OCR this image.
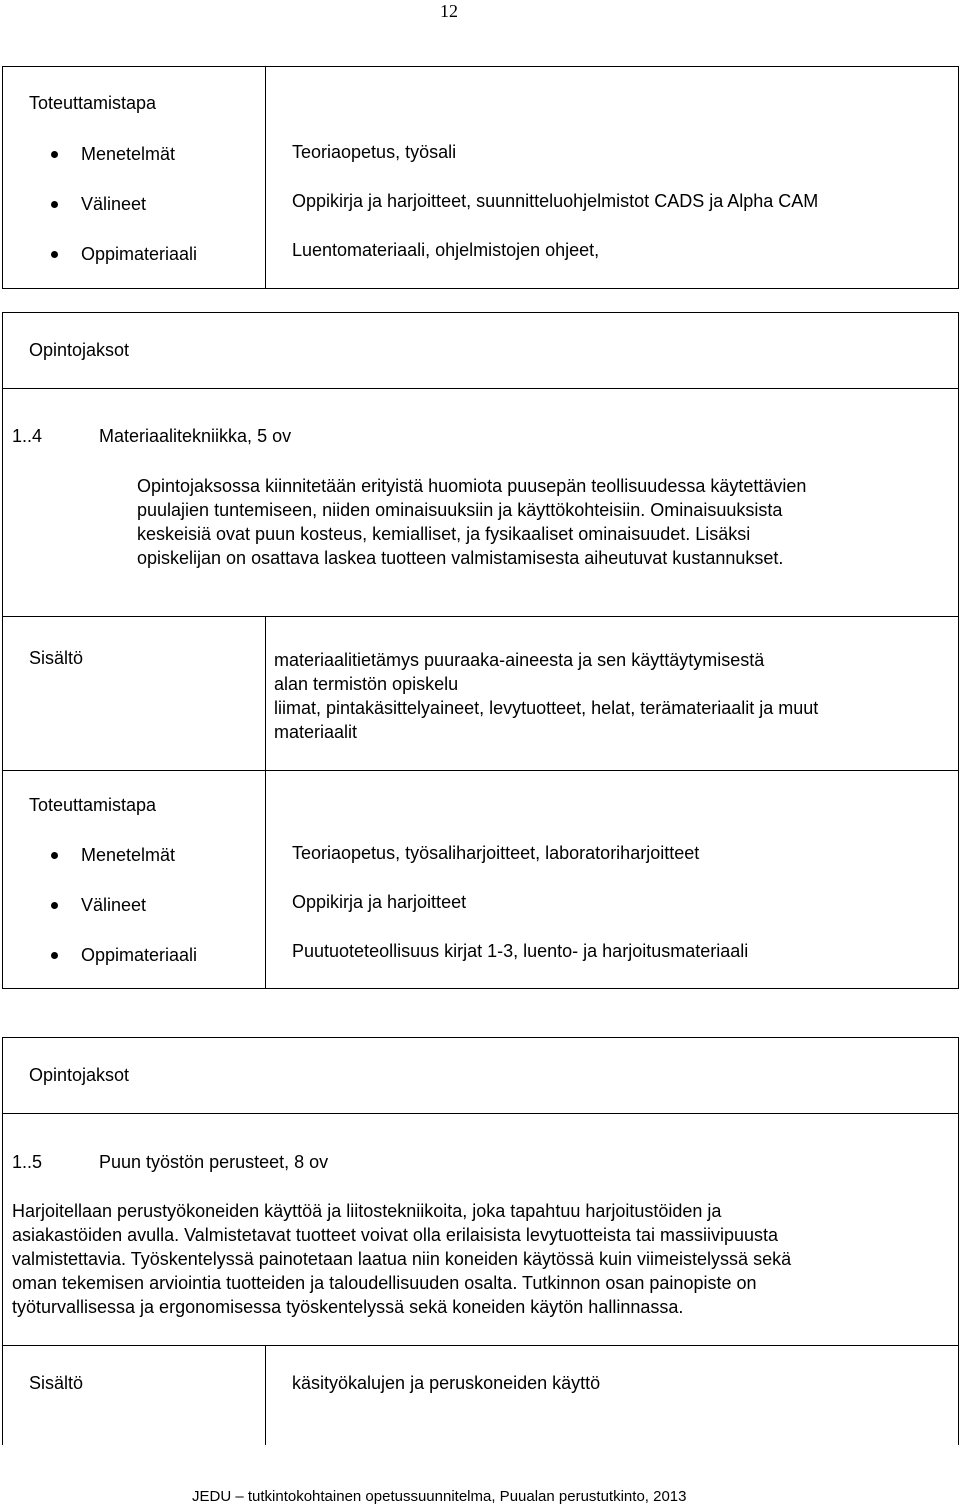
12
Toteuttamistapa
Menetelmät	Teoriaopetus, työsali
Välineet	Oppikirja ja harjoitteet, suunnitteluohjelmistot CADS ja Alpha CAM
Oppimateriaali	Luentomateriaali, ohjelmistojen ohjeet,
Opintojaksot
1..4	Materiaalitekniikka, 5 ov
Opintojaksossa kiinnitetään erityistä huomiota puusepän teollisuudessa käytettävien
puulajien tuntemiseen, niiden ominaisuuksiin ja käyttökohteisiin. Ominaisuuksista
keskeisiä ovat puun kosteus, kemialliset, ja fysikaaliset ominaisuudet. Lisäksi
opiskelijan on osattava laskea tuotteen valmistamisesta aiheutuvat kustannukset.
Sisältö	materiaalitietämys puuraaka-aineesta ja sen käyttäytymisestä
alan termistön opiskelu
liimat, pintakäsittelyaineet, levytuotteet, helat, terämateriaalit ja muut
materiaalit
Toteuttamistapa
Menetelmät	Teoriaopetus, työsaliharjoitteet, laboratoriharjoitteet
Välineet	Oppikirja ja harjoitteet
Oppimateriaali	Puutuoteteollisuus kirjat 1-3, luento- ja harjoitusmateriaali
Opintojaksot
1..5	Puun työstön perusteet, 8 ov
Harjoitellaan perustyökoneiden käyttöä ja liitostekniikoita, joka tapahtuu harjoitustöiden ja
asiakastöiden avulla. Valmistetavat tuotteet voivat olla erilaisista levytuotteista tai massiivipuusta
valmistettavia. Työskentelyssä painotetaan laatua niin koneiden käytössä kuin viimeistelyssä sekä
oman tekemisen arviointia tuotteiden ja taloudellisuuden osalta. Tutkinnon osan painopiste on
työturvallisessa ja ergonomisessa työskentelyssä sekä koneiden käytön hallinnassa.
Sisältö	käsityökalujen ja peruskoneiden käyttö
JEDU – tutkintokohtainen opetussuunnitelma, Puualan perustutkinto, 2013
